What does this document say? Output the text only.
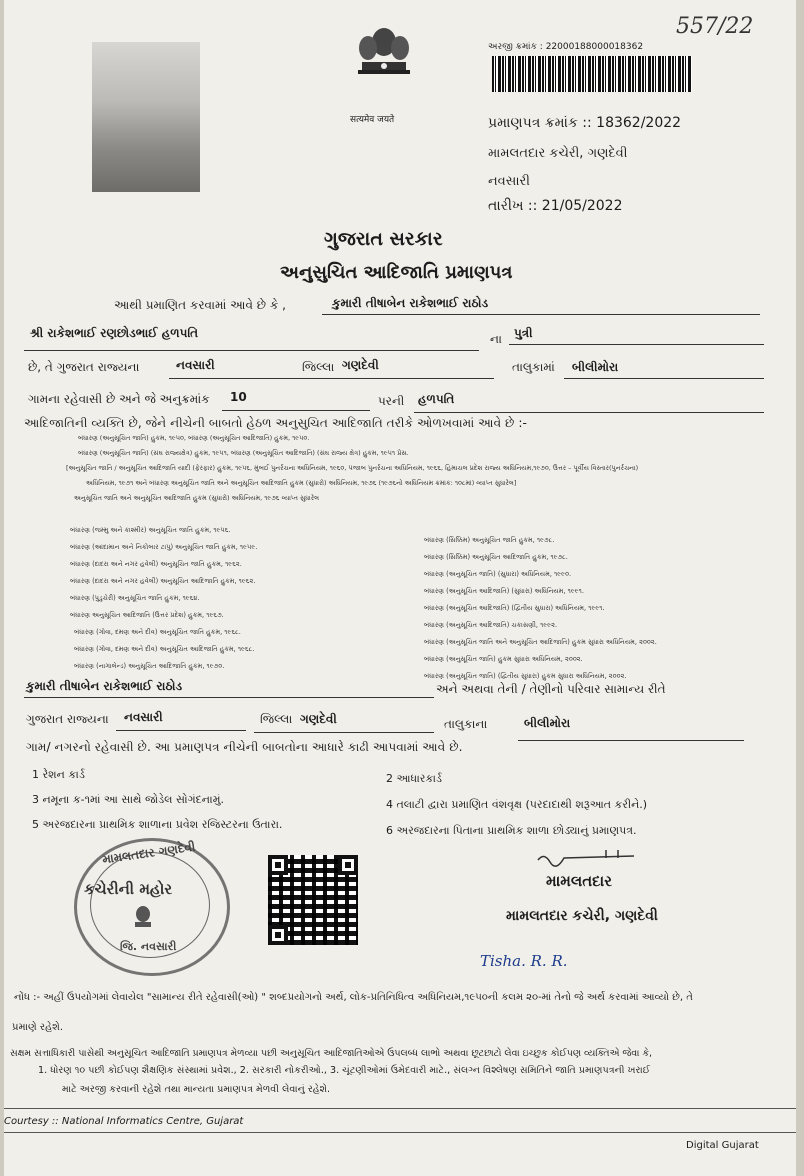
सत्यमेव जयते
557/22
અરજી ક્રમાંક : 22000188000018362
પ્રમાણપત્ર ક્રમાંક :: 18362/2022
મામલતદાર કચેરી, ગણદેવી
નવસારી
તારીખ :: 21/05/2022
ગુજરાત સરકાર
અનુસુચિત આદિજાતિ પ્રમાણપત્ર
આથી પ્રમાણિત કરવામાં આવે છે કે ,	કુમારી તીષાબેન રાકેશભાઈ રાઠોડ
શ્રી રાકેશભાઈ રણછોડભાઈ હળપતિ	ના પુત્રી
છે, તે ગુજરાત રાજ્યના	નવસારી	જિલ્લા ગણદેવી	તાલુકામાં બીલીમોરા
ગામના રહેવાસી છે અને જે અનુક્રમાંક 10	પરની હળપતિ
આદિજાતિની વ્યક્તિ છે, જેને નીચેની બાબતો હેઠળ અનુસુચિત આદિજાતિ તરીકે ઓળખવામાં આવે છે :-
બંધારણ (અનુસૂચિત જાતિ) હુકમ, ૧૯૫૦, બંધારણ (અનુસૂચિત આદિજાતિ) હુકમ, ૧૯૫૦.
બંધારણ (અનુસૂચિત જાતિ) (સંઘ રાજ્યક્ષેત્ર) હુકમ, ૧૯૫૧, બંધારણ (અનુસૂચિત આદિજાતિ) (સંઘ રાજ્ય ક્ષેત્ર) હુકમ, ૧૯૫૧ પ્રેસ.
[અનુસૂચિત જાતિ / અનુસૂચિત આદિજાતિ યાદી (ફેરફાર) હુકમ, ૧૯૫૬, મુંબઈ પુનર્રચના અધિનિયમ, ૧૯૬૦, પંજાબ પુનર્રચના અધિનિયમ, ૧૯૬૬, હિમાચલ પ્રદેશ રાજ્ય અધિનિયમ,૧૯૭૦, ઉત્તર – પૂર્વીય વિસ્તાર(પુનર્રચના)
અધિનિયમ, ૧૯૭૧ અને બંધારણ અનુસૂચિત જાતિ અને અનુસૂચિત આદિજાતિ હુકમ (સુધારો) અધિનિયમ, ૧૯૭૬ (૧૯૭૬નો અધિનિયમ ક્રમાંક: ૧૦૮માં) વ્યાપ્ત સુધારેલ]
અનુસૂચિત જાતિ અને અનુસૂચિત આદિજાતિ હુકમ (સુધારો) અધિનિયમ, ૧૯૭૬ વ્યાપ્ત સુધારેલ
બંધારણ (જમ્મુ અને કાશ્મીર) અનુસૂચિત જાતિ હુકમ, ૧૯૫૬.
બંધારણ (આંદામાન અને નિકોબાર ટાપુ) અનુસૂચિત જાતિ હુકમ, ૧૯૫૯.
બંધારણ (દાદરા અને નગર હવેલી) અનુસૂચિત જાતિ હુકમ, ૧૯૬૨.
બંધારણ (દાદરા અને નગર હવેલી) અનુસૂચિત આદિજાતિ હુકમ, ૧૯૬૨.
બંધારણ (પુડુચેરી) અનુસૂચિત જાતિ હુકમ, ૧૯૬૪.
બંધારણ અનુસૂચિત આદિજાતિ (ઉત્તર પ્રદેશ) હુકમ, ૧૯૬૭.
બંધારણ (ગોવા, દમણ અને દીવ) અનુસૂચિત જાતિ હુકમ, ૧૯૬૮.
બંધારણ (ગોવા, દમણ અને દીવ) અનુસૂચિત આદિજાતિ હુકમ, ૧૯૬૮.
બંધારણ (નાગાલેન્ડ) અનુસૂચિત આદિજાતિ હુકમ, ૧૯૭૦.
બંધારણ (સિક્કિમ) અનુસૂચિત જાતિ હુકમ, ૧૯૭૮.
બંધારણ (સિક્કિમ) અનુસૂચિત આદિજાતિ હુકમ, ૧૯૭૮.
બંધારણ (અનુસૂચિત જાતિ) (સુધારા) અધિનિયમ, ૧૯૯૦.
બંધારણ (અનુસૂચિત આદિજાતિ) (સુધારા) અધિનિયમ, ૧૯૯૧.
બંધારણ (અનુસૂચિત આદિજાતિ) (દ્વિતીય સુધારા) અધિનિયમ, ૧૯૯૧.
બંધારણ (અનુસૂચિત આદિજાતિ) ચકાસણી, ૧૯૯૨.
બંધારણ (અનુસૂચિત જાતિ અને અનુસૂચિત આદિજાતિ) હુકમ સુધારા અધિનિયમ, ૨૦૦૨.
બંધારણ (અનુસૂચિત જાતિ) હુકમ સુધારા અધિનિયમ, ૨૦૦૨.
બંધારણ (અનુસૂચિત જાતિ) (દ્વિતીય સુધારા) હુકમ સુધારા અધિનિયમ, ૨૦૦૨.
કુમારી તીષાબેન રાકેશભાઈ રાઠોડ	અને અથવા તેની / તેણીનો પરિવાર સામાન્ય રીતે
ગુજરાત રાજ્યના નવસારી	જિલ્લા ગણદેવી	તાલુકાના	બીલીમોરા
ગામ/ નગરનો રહેવાસી છે. આ પ્રમાણપત્ર નીચેની બાબતોના આધારે કાઢી આપવામાં આવે છે.
1 રેશન કાર્ડ
3 નમૂના ક-૧માં આ સાથે જોડેલ સોગંદનામું.
5 અરજદારના પ્રાથમિક શાળાના પ્રવેશ રજિસ્ટરના ઉતારા.
2 આધારકાર્ડ
4 તલાટી દ્વારા પ્રમાણિત વંશવૃક્ષ (પરદાદાથી શરૂઆત કરીને.)
6 અરજદારના પિતાના પ્રાથમિક શાળા છોડ્યાનું પ્રમાણપત્ર.
મામલતદાર ગણદેવી
કચેરીની મહોર
જિ. નવસારી
મામલતદાર
મામલતદાર કચેરી, ગણદેવી
Tisha. R. R.
નોંધ :- અહીં ઉપયોગમાં લેવાયેલ "સામાન્ય રીતે રહેવાસી(ઓ) " શબ્દપ્રયોગનો અર્થ, લોક-પ્રતિનિધિત્વ અધિનિયમ,૧૯૫૦ની કલમ ૨૦-માં તેનો જે અર્થ કરવામાં આવ્યો છે, તે
પ્રમાણે રહેશે.
સક્ષમ સત્તાધિકારી પાસેથી અનુસૂચિત આદિજાતિ પ્રમાણપત્ર મેળવ્યા પછી અનુસૂચિત આદિજાતિઓએ ઉપલબ્ધ લાભો અથવા છૂટછાટો લેવા ઇચ્છુક કોઈપણ વ્યક્તિએ જેવા કે,
1. ધોરણ ૧૦ પછી કોઈપણ શૈક્ષણિક સંસ્થામાં પ્રવેશ., 2. સરકારી નોકરીઓ., 3. ચૂંટણીઓમાં ઉમેદવારી માટે., સંલગ્ન વિશ્લેષણ સમિતિને જાતિ પ્રમાણપત્રની ખરાઈ
માટે અરજી કરવાની રહેશે તથા માન્યતા પ્રમાણપત્ર મેળવી લેવાનું રહેશે.
Courtesy :: National Informatics Centre, Gujarat
Digital Gujarat
